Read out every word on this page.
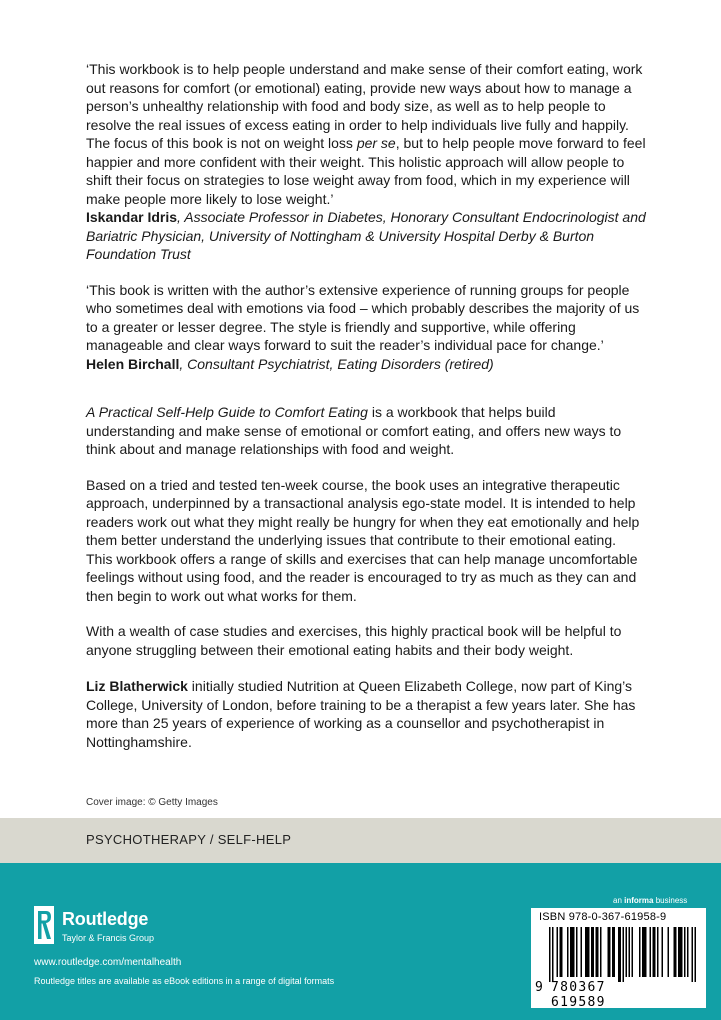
‘This workbook is to help people understand and make sense of their comfort eating, work out reasons for comfort (or emotional) eating, provide new ways about how to manage a person’s unhealthy relationship with food and body size, as well as to help people to resolve the real issues of excess eating in order to help individuals live fully and happily. The focus of this book is not on weight loss per se, but to help people move forward to feel happier and more confident with their weight. This holistic approach will allow people to shift their focus on strategies to lose weight away from food, which in my experience will make people more likely to lose weight.’

Iskandar Idris, Associate Professor in Diabetes, Honorary Consultant Endocrinologist and Bariatric Physician, University of Nottingham & University Hospital Derby & Burton Foundation Trust

‘This book is written with the author’s extensive experience of running groups for people who sometimes deal with emotions via food – which probably describes the majority of us to a greater or lesser degree. The style is friendly and supportive, while offering manageable and clear ways forward to suit the reader’s individual pace for change.’

Helen Birchall, Consultant Psychiatrist, Eating Disorders (retired)

A Practical Self-Help Guide to Comfort Eating is a workbook that helps build understanding and make sense of emotional or comfort eating, and offers new ways to think about and manage relationships with food and weight.

Based on a tried and tested ten-week course, the book uses an integrative therapeutic approach, underpinned by a transactional analysis ego-state model. It is intended to help readers work out what they might really be hungry for when they eat emotionally and help them better understand the underlying issues that contribute to their emotional eating. This workbook offers a range of skills and exercises that can help manage uncomfortable feelings without using food, and the reader is encouraged to try as much as they can and then begin to work out what works for them.

With a wealth of case studies and exercises, this highly practical book will be helpful to anyone struggling between their emotional eating habits and their body weight.

Liz Blatherwick initially studied Nutrition at Queen Elizabeth College, now part of King’s College, University of London, before training to be a therapist a few years later. She has more than 25 years of experience of working as a counsellor and psychotherapist in Nottinghamshire.

Cover image: © Getty Images
PSYCHOTHERAPY / SELF-HELP
Routledge
Taylor & Francis Group
www.routledge.com/mentalhealth
Routledge titles are available as eBook editions in a range of digital formats
an informa business
ISBN 978-0-367-61958-9
9 780367 619589
